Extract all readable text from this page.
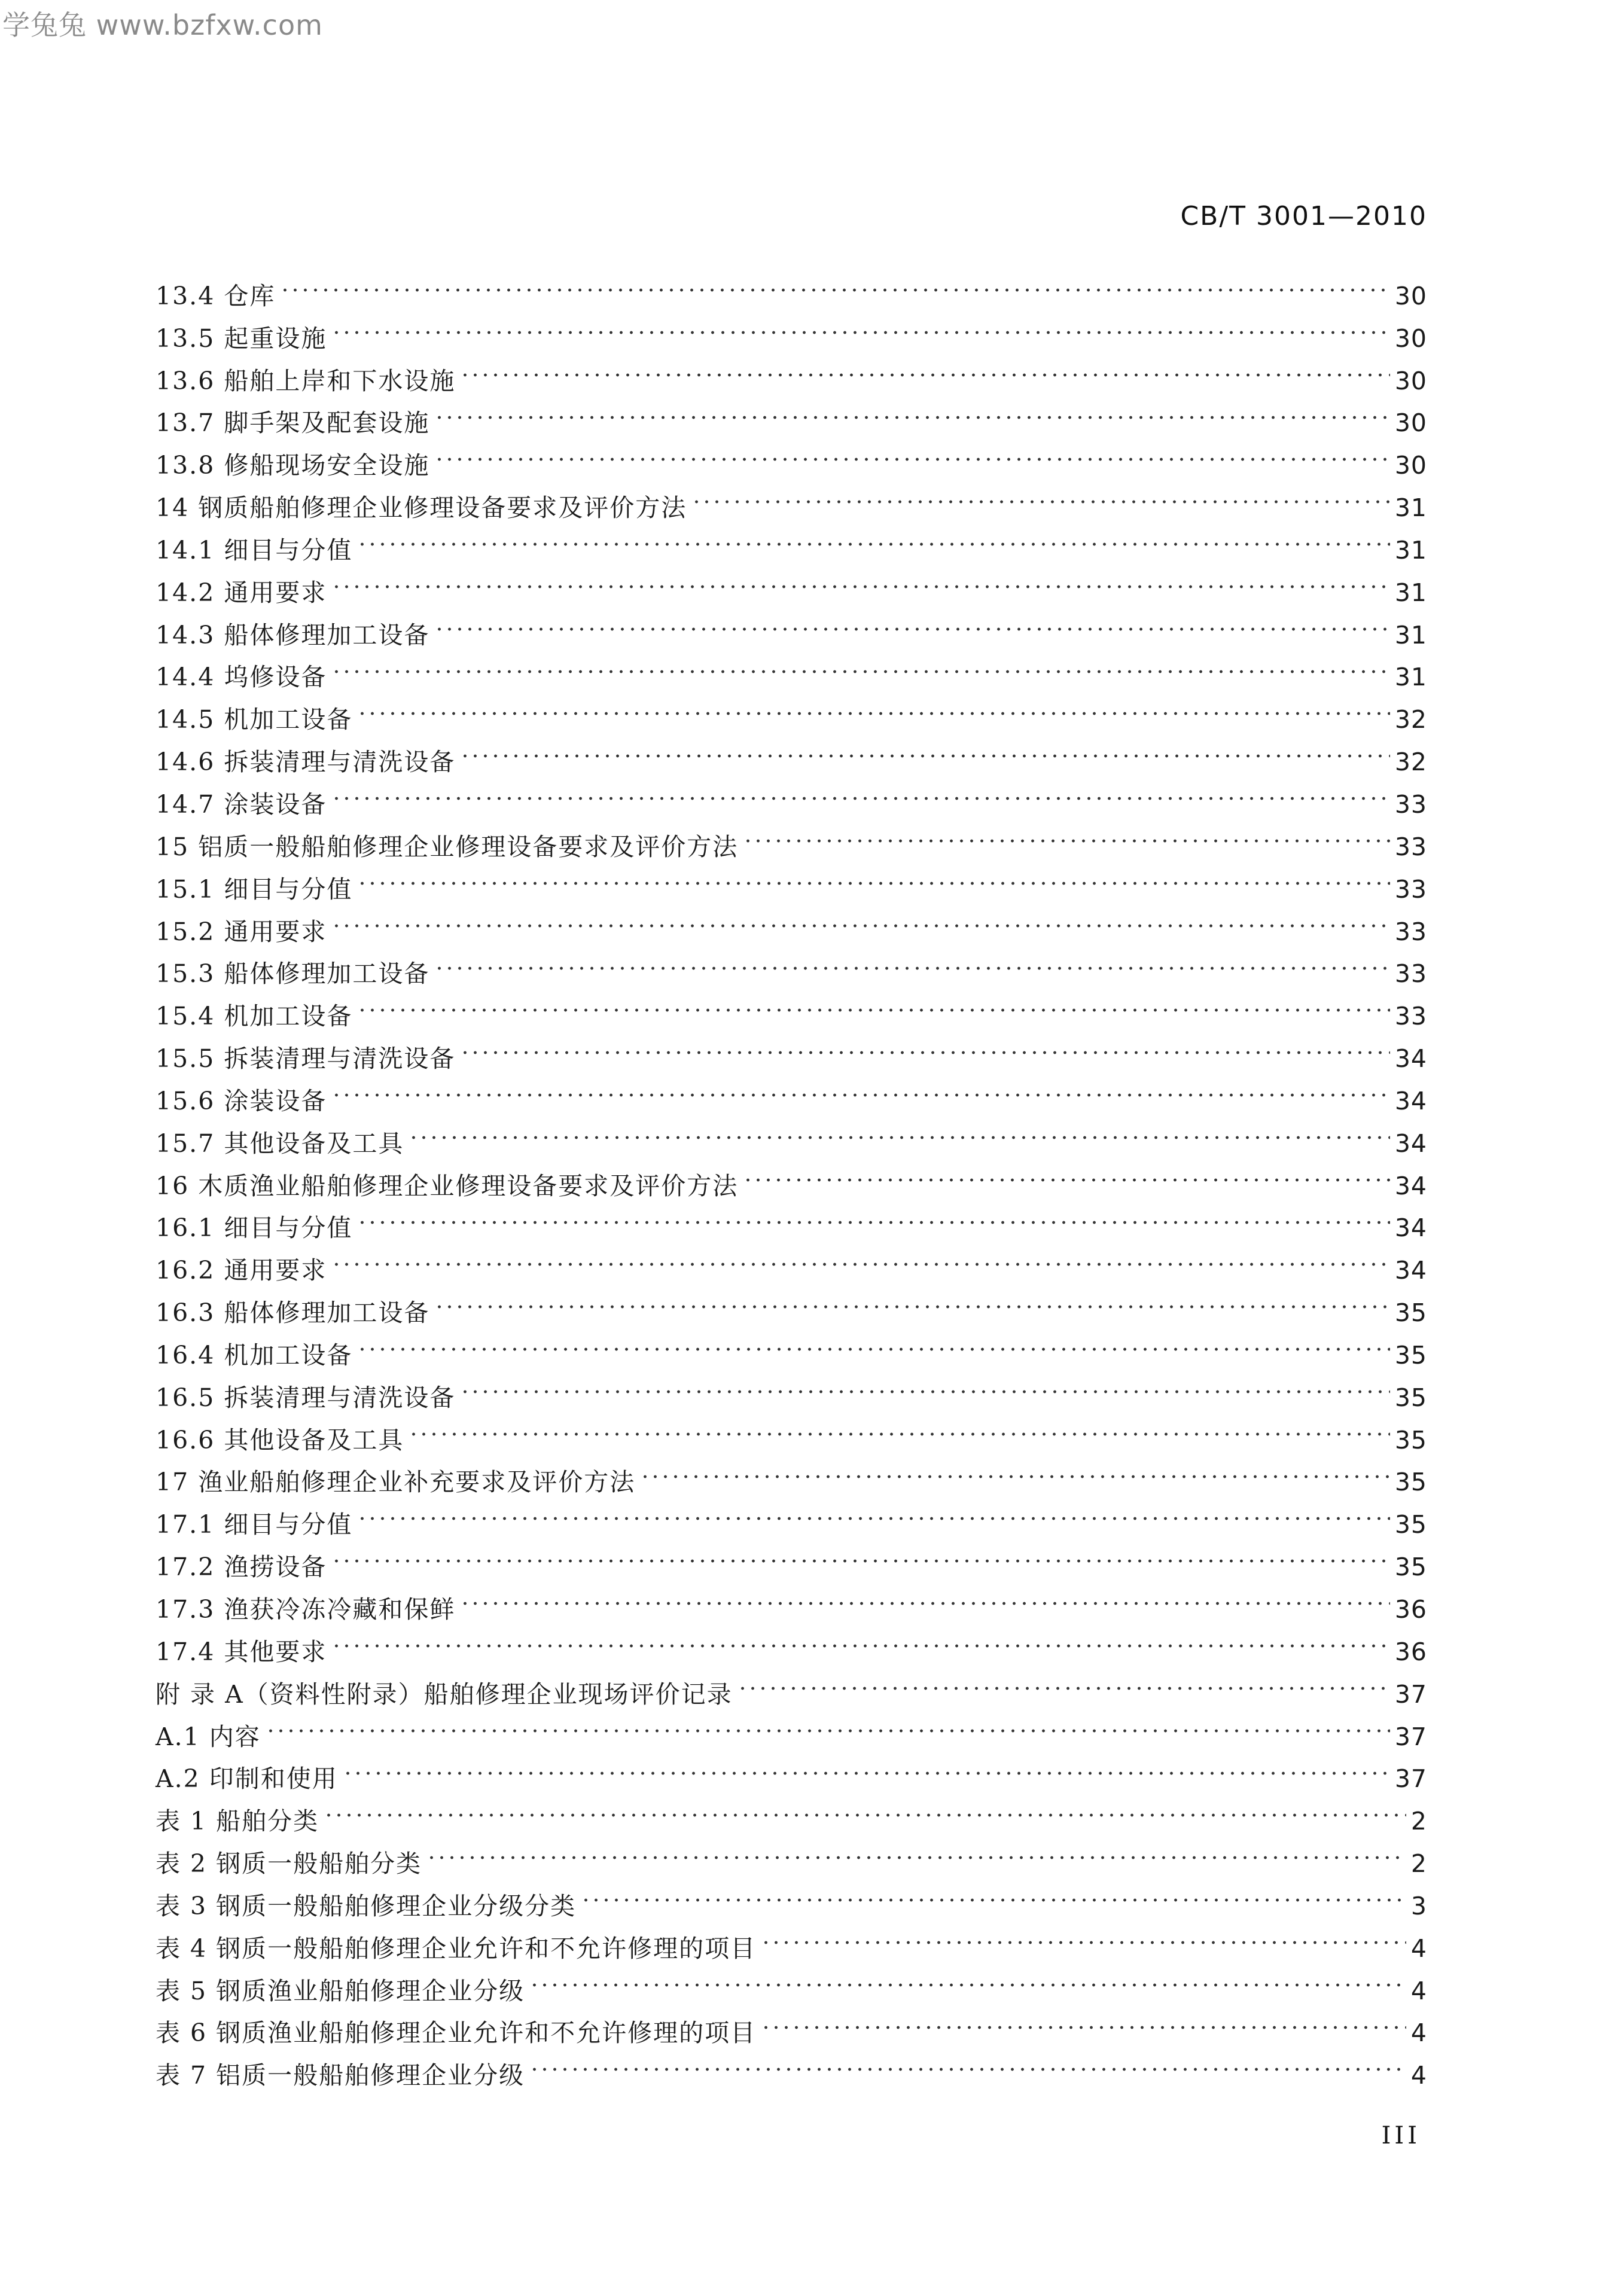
学兔兔 www.bzfxw.com
CB/T 3001—2010
13.4 仓库	30
13.5 起重设施	30
13.6 船舶上岸和下水设施	30
13.7 脚手架及配套设施	30
13.8 修船现场安全设施	30
14 钢质船舶修理企业修理设备要求及评价方法	31
14.1 细目与分值	31
14.2 通用要求	31
14.3 船体修理加工设备	31
14.4 坞修设备	31
14.5 机加工设备	32
14.6 拆装清理与清洗设备	32
14.7 涂装设备	33
15 铝质一般船舶修理企业修理设备要求及评价方法	33
15.1 细目与分值	33
15.2 通用要求	33
15.3 船体修理加工设备	33
15.4 机加工设备	33
15.5 拆装清理与清洗设备	34
15.6 涂装设备	34
15.7 其他设备及工具	34
16 木质渔业船舶修理企业修理设备要求及评价方法	34
16.1 细目与分值	34
16.2 通用要求	34
16.3 船体修理加工设备	35
16.4 机加工设备	35
16.5 拆装清理与清洗设备	35
16.6 其他设备及工具	35
17 渔业船舶修理企业补充要求及评价方法	35
17.1 细目与分值	35
17.2 渔捞设备	35
17.3 渔获冷冻冷藏和保鲜	36
17.4 其他要求	36
附 录 A（资料性附录）船舶修理企业现场评价记录	37
A.1 内容	37
A.2 印制和使用	37
表 1 船舶分类	2
表 2 钢质一般船舶分类	2
表 3 钢质一般船舶修理企业分级分类	3
表 4 钢质一般船舶修理企业允许和不允许修理的项目	4
表 5 钢质渔业船舶修理企业分级	4
表 6 钢质渔业船舶修理企业允许和不允许修理的项目	4
表 7 铝质一般船舶修理企业分级	4
III
